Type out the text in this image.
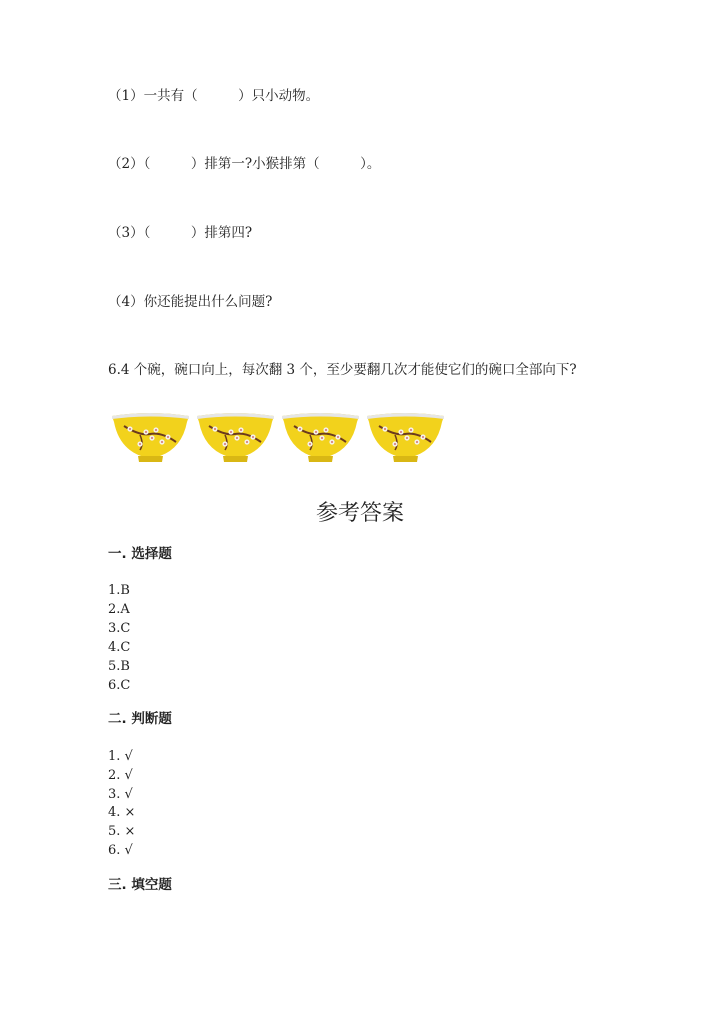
（1）一共有（　　　）只小动物。
（2）（　　　）排第一?小猴排第（　　　）。
（3）（　　　）排第四?
（4）你还能提出什么问题?
6.4 个碗，碗口向上，每次翻 3 个，至少要翻几次才能使它们的碗口全部向下?
参考答案
一. 选择题
1.B
2.A
3.C
4.C
5.B
6.C
二. 判断题
1. √
2. √
3. √
4. ×
5. ×
6. √
三. 填空题
